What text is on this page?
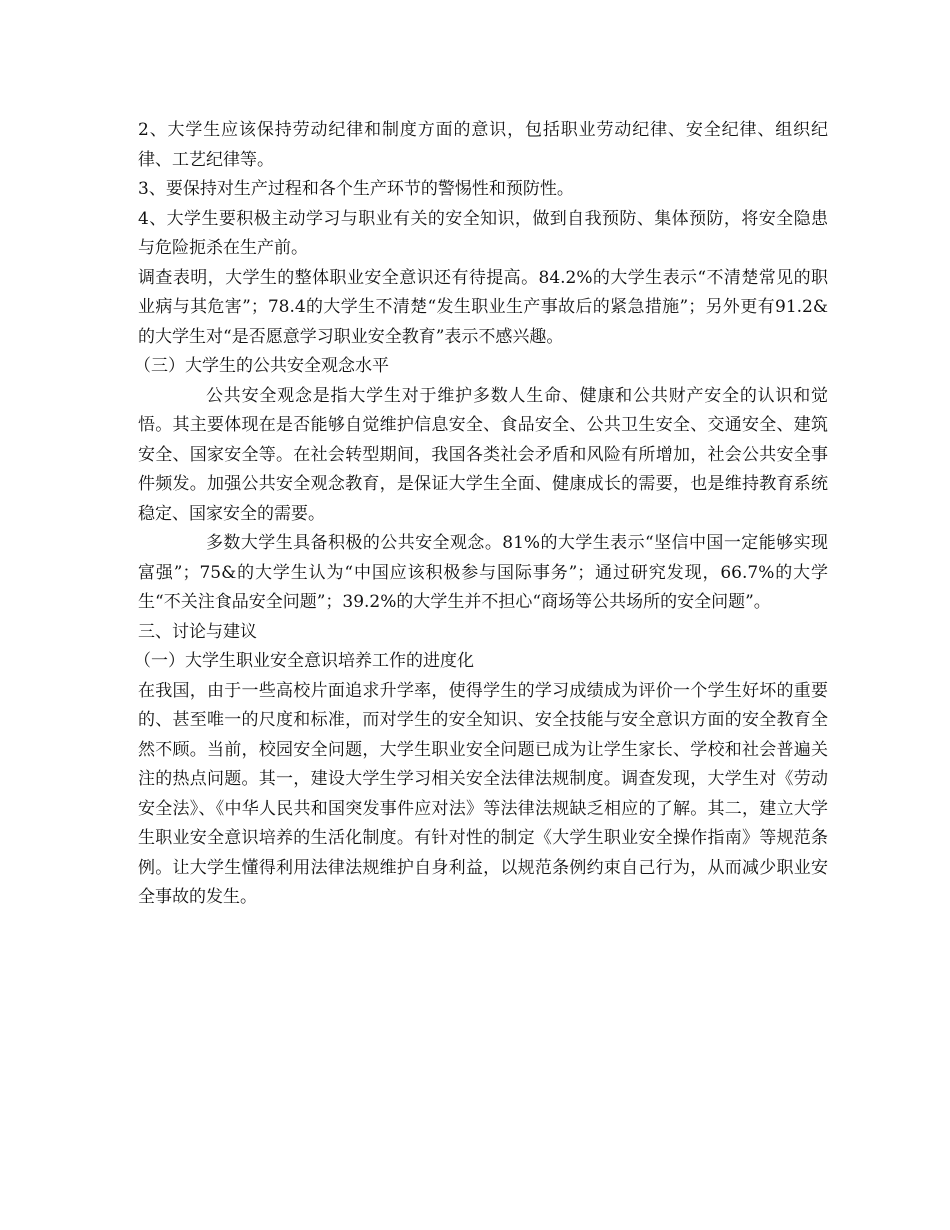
2、大学生应该保持劳动纪律和制度方面的意识，包括职业劳动纪律、安全纪律、组织纪律、工艺纪律等。

3、要保持对生产过程和各个生产环节的警惕性和预防性。

4、大学生要积极主动学习与职业有关的安全知识，做到自我预防、集体预防，将安全隐患与危险扼杀在生产前。

调查表明，大学生的整体职业安全意识还有待提高。84.2%的大学生表示“不清楚常见的职业病与其危害”；78.4的大学生不清楚“发生职业生产事故后的紧急措施”；另外更有91.2&的大学生对“是否愿意学习职业安全教育”表示不感兴趣。

（三）大学生的公共安全观念水平

公共安全观念是指大学生对于维护多数人生命、健康和公共财产安全的认识和觉悟。其主要体现在是否能够自觉维护信息安全、食品安全、公共卫生安全、交通安全、建筑安全、国家安全等。在社会转型期间，我国各类社会矛盾和风险有所增加，社会公共安全事件频发。加强公共安全观念教育，是保证大学生全面、健康成长的需要，也是维持教育系统稳定、国家安全的需要。

多数大学生具备积极的公共安全观念。81%的大学生表示“坚信中国一定能够实现富强”；75&的大学生认为“中国应该积极参与国际事务”；通过研究发现，66.7%的大学生“不关注食品安全问题”；39.2%的大学生并不担心“商场等公共场所的安全问题”。

三、讨论与建议

（一）大学生职业安全意识培养工作的进度化

在我国，由于一些高校片面追求升学率，使得学生的学习成绩成为评价一个学生好坏的重要的、甚至唯一的尺度和标准，而对学生的安全知识、安全技能与安全意识方面的安全教育全然不顾。当前，校园安全问题，大学生职业安全问题已成为让学生家长、学校和社会普遍关注的热点问题。其一，建设大学生学习相关安全法律法规制度。调查发现，大学生对《劳动安全法》、《中华人民共和国突发事件应对法》等法律法规缺乏相应的了解。其二，建立大学生职业安全意识培养的生活化制度。有针对性的制定《大学生职业安全操作指南》等规范条例。让大学生懂得利用法律法规维护自身利益，以规范条例约束自己行为，从而减少职业安全事故的发生。
